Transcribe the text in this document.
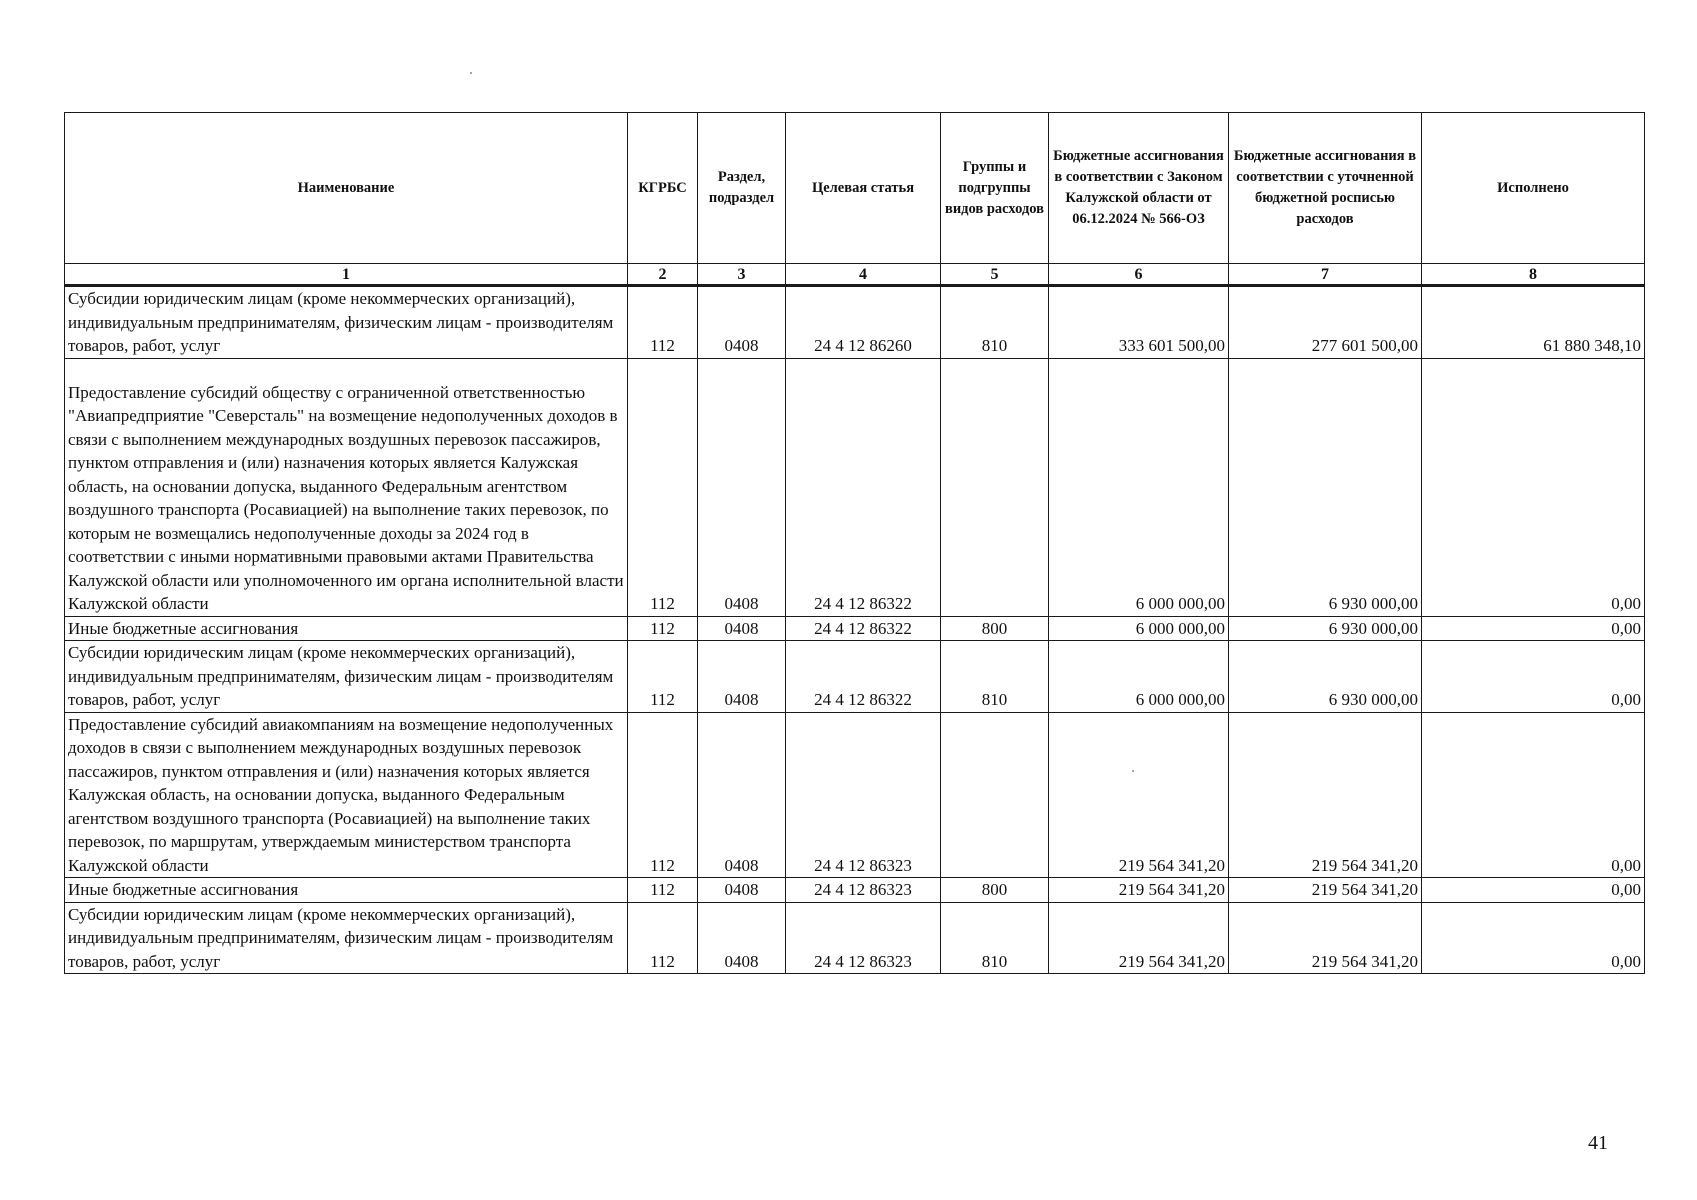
Наименование	КГРБС	Раздел, подраздел	Целевая статья	Группы и подгруппы видов расходов	Бюджетные ассигнования в соответствии с Законом Калужской области от 06.12.2024 № 566-ОЗ	Бюджетные ассигнования в соответствии с уточненной бюджетной росписью расходов	Исполнено
1	2	3	4	5	6	7	8
Субсидии юридическим лицам (кроме некоммерческих организаций), индивидуальным предпринимателям, физическим лицам - производителям товаров, работ, услуг	112	0408	24 4 12 86260	810	333 601 500,00	277 601 500,00	61 880 348,10
Предоставление субсидий обществу с ограниченной ответственностью "Авиапредприятие "Северсталь" на возмещение недополученных доходов в связи с выполнением международных воздушных перевозок пассажиров, пунктом отправления и (или) назначения которых является Калужская область, на основании допуска, выданного Федеральным агентством воздушного транспорта (Росавиацией) на выполнение таких перевозок, по которым не возмещались недополученные доходы за 2024 год в соответствии с иными нормативными правовыми актами Правительства Калужской области или уполномоченного им органа исполнительной власти Калужской области	112	0408	24 4 12 86322		6 000 000,00	6 930 000,00	0,00
Иные бюджетные ассигнования	112	0408	24 4 12 86322	800	6 000 000,00	6 930 000,00	0,00
Субсидии юридическим лицам (кроме некоммерческих организаций), индивидуальным предпринимателям, физическим лицам - производителям товаров, работ, услуг	112	0408	24 4 12 86322	810	6 000 000,00	6 930 000,00	0,00
Предоставление субсидий авиакомпаниям на возмещение недополученных доходов в связи с выполнением международных воздушных перевозок пассажиров, пунктом отправления и (или) назначения которых является Калужская область, на основании допуска, выданного Федеральным агентством воздушного транспорта (Росавиацией) на выполнение таких перевозок, по маршрутам, утверждаемым министерством транспорта Калужской области	112	0408	24 4 12 86323		219 564 341,20	219 564 341,20	0,00
Иные бюджетные ассигнования	112	0408	24 4 12 86323	800	219 564 341,20	219 564 341,20	0,00
Субсидии юридическим лицам (кроме некоммерческих организаций), индивидуальным предпринимателям, физическим лицам - производителям товаров, работ, услуг	112	0408	24 4 12 86323	810	219 564 341,20	219 564 341,20	0,00
41
